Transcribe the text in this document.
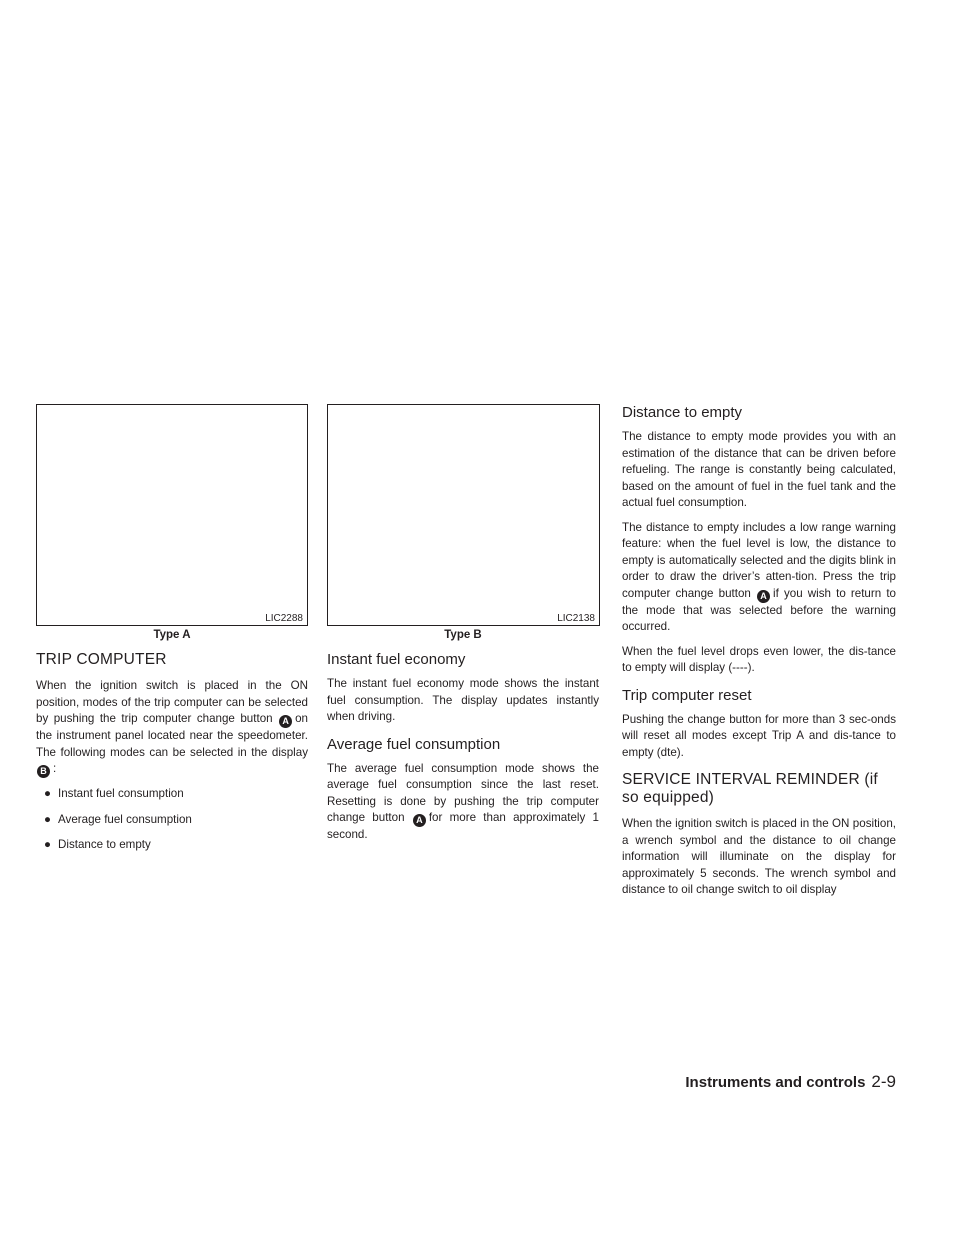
LIC2288
Type A
TRIP COMPUTER

When the ignition switch is placed in the ON position, modes of the trip computer can be selected by pushing the trip computer change button A on the instrument panel located near the speedometer. The following modes can be selected in the display B :

● Instant fuel consumption
● Average fuel consumption
● Distance to empty
LIC2138
Type B
Instant fuel economy

The instant fuel economy mode shows the instant fuel consumption. The display updates instantly when driving.

Average fuel consumption

The average fuel consumption mode shows the average fuel consumption since the last reset. Resetting is done by pushing the trip computer change button A for more than approximately 1 second.

Distance to empty

The distance to empty mode provides you with an estimation of the distance that can be driven before refueling. The range is constantly being calculated, based on the amount of fuel in the fuel tank and the actual fuel consumption.

The distance to empty includes a low range warning feature: when the fuel level is low, the distance to empty is automatically selected and the digits blink in order to draw the driver’s atten-tion. Press the trip computer change button A if you wish to return to the mode that was selected before the warning occurred.

When the fuel level drops even lower, the dis-tance to empty will display (----).

Trip computer reset

Pushing the change button for more than 3 sec-onds will reset all modes except Trip A and dis-tance to empty (dte).

SERVICE INTERVAL REMINDER (if so equipped)

When the ignition switch is placed in the ON position, a wrench symbol and the distance to oil change information will illuminate on the display for approximately 5 seconds. The wrench symbol and distance to oil change switch to oil display

Instruments and controls 2-9
